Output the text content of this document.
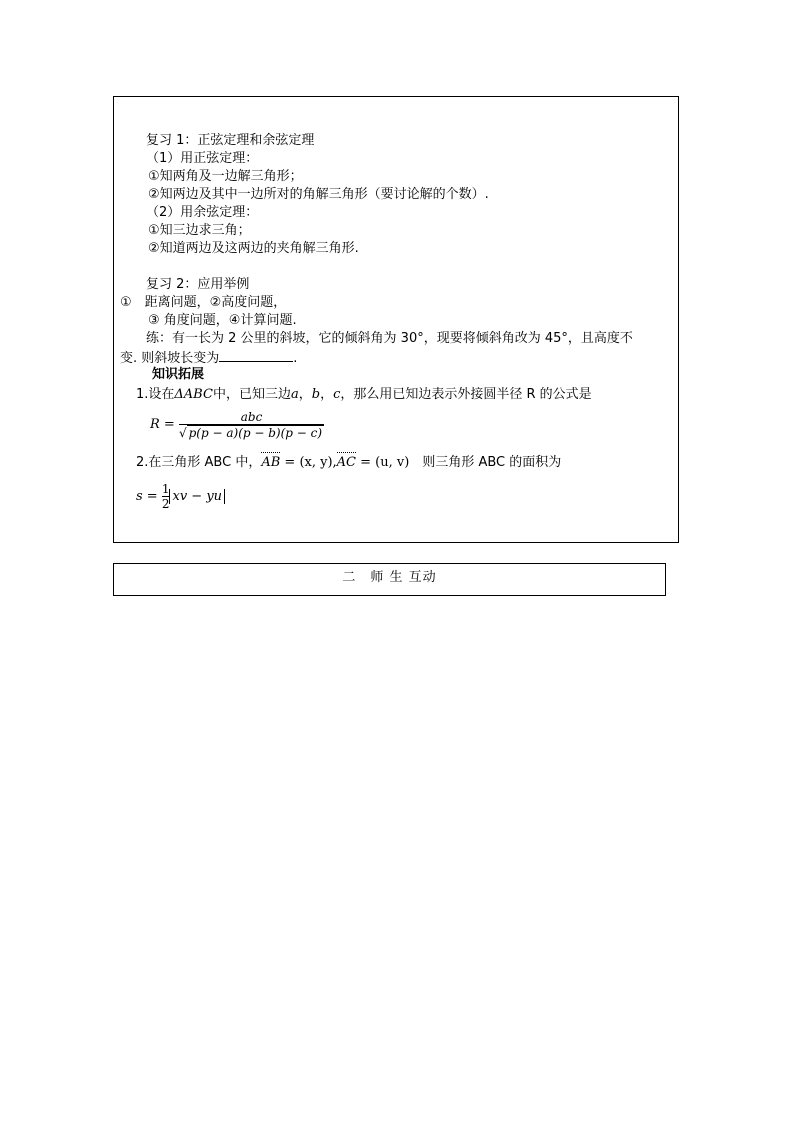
复习 1：正弦定理和余弦定理
（1）用正弦定理：
①知两角及一边解三角形；
②知两边及其中一边所对的角解三角形（要讨论解的个数）.
（2）用余弦定理：
①知三边求三角；
②知道两边及这两边的夹角解三角形.
复习 2：应用举例
①　距离问题，②高度问题，
③ 角度问题，④计算问题.
练：有一长为 2 公里的斜坡，它的倾斜角为 30°，现要将倾斜角改为 45°，且高度不
变. 则斜坡长变为	.
知识拓展
1.设在ΔABC中，已知三边a，b，c，那么用已知边表示外接圆半径 R 的公式是
$R = \frac{\text{abc}}{√ p(p - a)(p - b)(p - c)}$
2.在三角形 ABC 中，AB = (x, y),AC = (u, v)　则三角形 ABC 的面积为
$s = \frac{1}{2}$ xv − yu
二　师 生 互动
